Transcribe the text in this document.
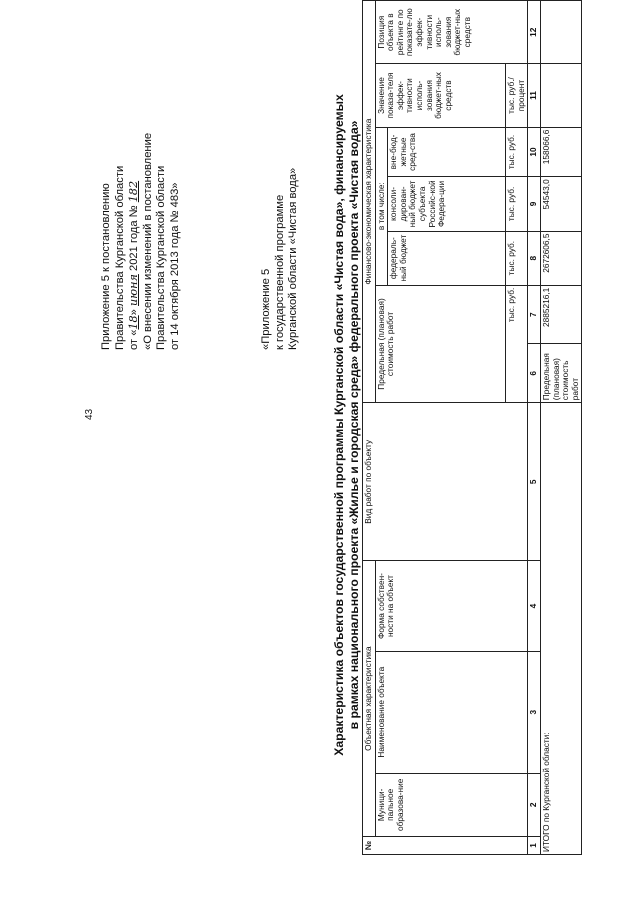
43
Приложение 5 к постановлению Правительства Курганской области от «18» июня 2021 года № 182 «О внесении изменений в постановление Правительства Курганской области от 14 октября 2013 года № 483»	«Приложение 5 к государственной программе Курганской области «Чистая вода»	Характеристика объектов государственной программы Курганской области «Чистая вода», финансируемых в рамках национального проекта «Жилье и городская среда» федерального проекта «Чистая вода»
№	Объектная характеристика			Вид работ по объекту	Финансово-экономическая характеристика						
	Муници-пальное образова-ние	Наименование объекта	Форма собствен-ности на объект		Предельная (плановая) стоимость работ		в том числе:			Значение показа-теля эффек-тивности исполь-зования бюджет-ных средств	Позиция объекта в рейтинге по показате-лю эффек-тивности исполь-зования бюджет-ных средств
							федераль-ный бюджет	консоли-дирован-ный бюджет субъекта Российс-кой Федера-ции	вне-бюд-жетные сред-ства		
					тыс. руб.		тыс. руб.	тыс. руб.	тыс. руб.	тыс. руб./ процент	
1	2	3	4	5	6	7	8	9	10	11	12
ИТОГО по Курганской области:					Предельная (плановая) стоимость работ	2885216,1	2672606,5	54543,0	158066,6		
